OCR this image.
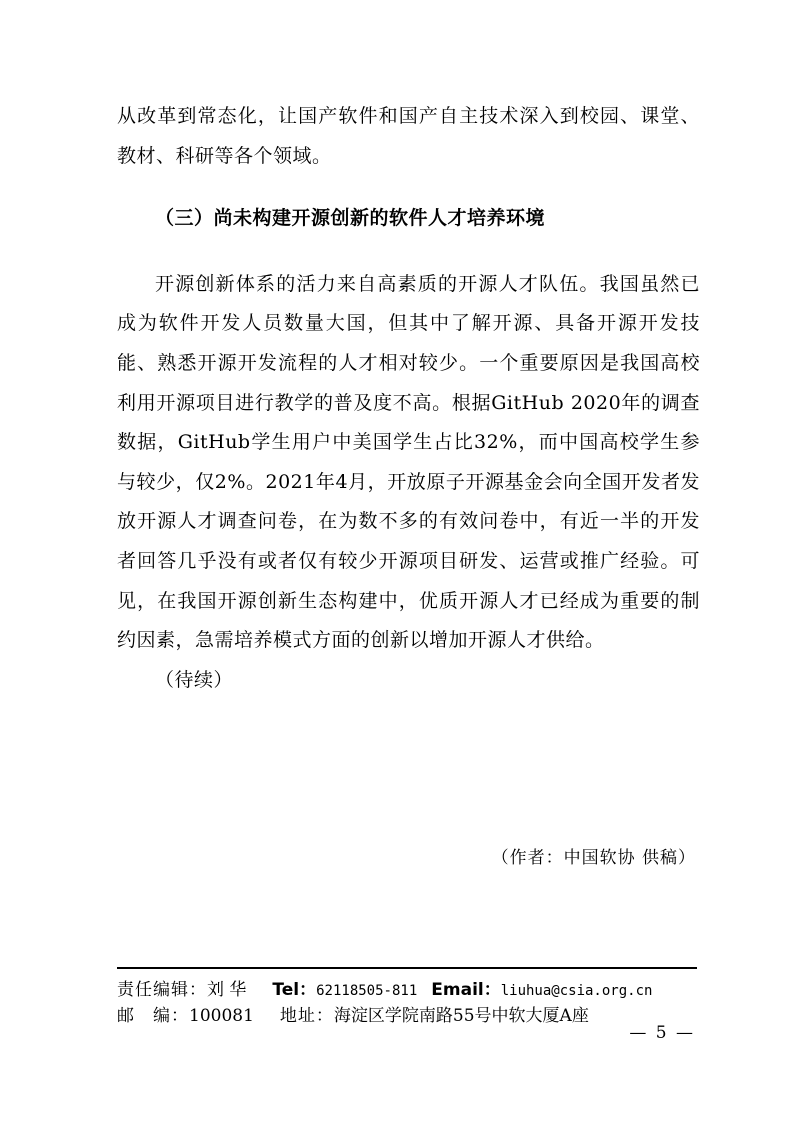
从改革到常态化，让国产软件和国产自主技术深入到校园、课堂、教材、科研等各个领域。

（三）尚未构建开源创新的软件人才培养环境

开源创新体系的活力来自高素质的开源人才队伍。我国虽然已成为软件开发人员数量大国，但其中了解开源、具备开源开发技能、熟悉开源开发流程的人才相对较少。一个重要原因是我国高校利用开源项目进行教学的普及度不高。根据GitHub 2020年的调查数据，GitHub学生用户中美国学生占比32%，而中国高校学生参与较少，仅2%。2021年4月，开放原子开源基金会向全国开发者发放开源人才调查问卷，在为数不多的有效问卷中，有近一半的开发者回答几乎没有或者仅有较少开源项目研发、运营或推广经验。可见，在我国开源创新生态构建中，优质开源人才已经成为重要的制约因素，急需培养模式方面的创新以增加开源人才供给。

（待续）

（作者：中国软协 供稿）
责任编辑：刘 华 Tel：62118505-811 Email：liuhua@csia.org.cn
邮　编：100081 地址：海淀区学院南路55号中软大厦A座
— 5 —
